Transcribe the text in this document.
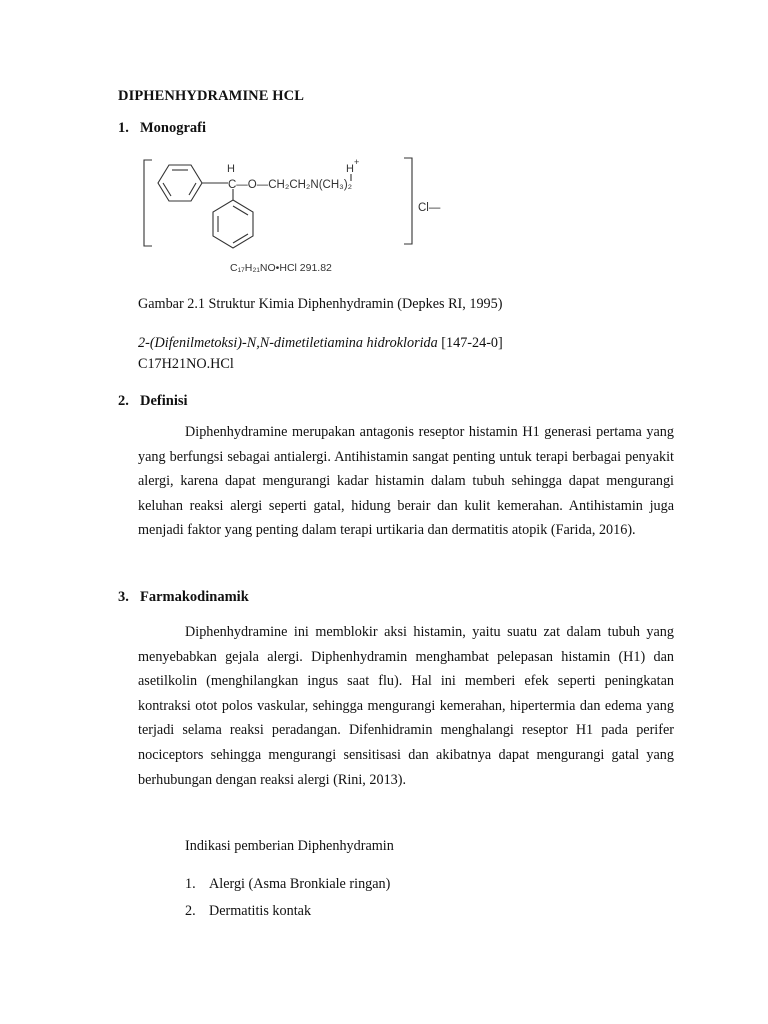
DIPHENHYDRAMINE HCL
1. Monografi
H	H
+
C—O—CH₂CH₂N(CH₃)₂
Cl—
C₁₇H₂₁NO•HCl 291.82
Gambar 2.1 Struktur Kimia Diphenhydramin (Depkes RI, 1995)
2-(Difenilmetoksi)-N,N-dimetiletiamina hidroklorida [147-24-0]
C17H21NO.HCl
2. Definisi
Diphenhydramine merupakan antagonis reseptor histamin H1 generasi pertama yang yang berfungsi sebagai antialergi. Antihistamin sangat penting untuk terapi berbagai penyakit alergi, karena dapat mengurangi kadar histamin dalam tubuh sehingga dapat mengurangi keluhan reaksi alergi seperti gatal, hidung berair dan kulit kemerahan. Antihistamin juga menjadi faktor yang penting dalam terapi urtikaria dan dermatitis atopik (Farida, 2016).
3. Farmakodinamik
Diphenhydramine ini memblokir aksi histamin, yaitu suatu zat dalam tubuh yang menyebabkan gejala alergi. Diphenhydramin menghambat pelepasan histamin (H1) dan asetilkolin (menghilangkan ingus saat flu). Hal ini memberi efek seperti peningkatan kontraksi otot polos vaskular, sehingga mengurangi kemerahan, hipertermia dan edema yang terjadi selama reaksi peradangan. Difenhidramin menghalangi reseptor H1 pada perifer nociceptors sehingga mengurangi sensitisasi dan akibatnya dapat mengurangi gatal yang berhubungan dengan reaksi alergi (Rini, 2013).
Indikasi pemberian Diphenhydramin
1. Alergi (Asma Bronkiale ringan)
2. Dermatitis kontak
